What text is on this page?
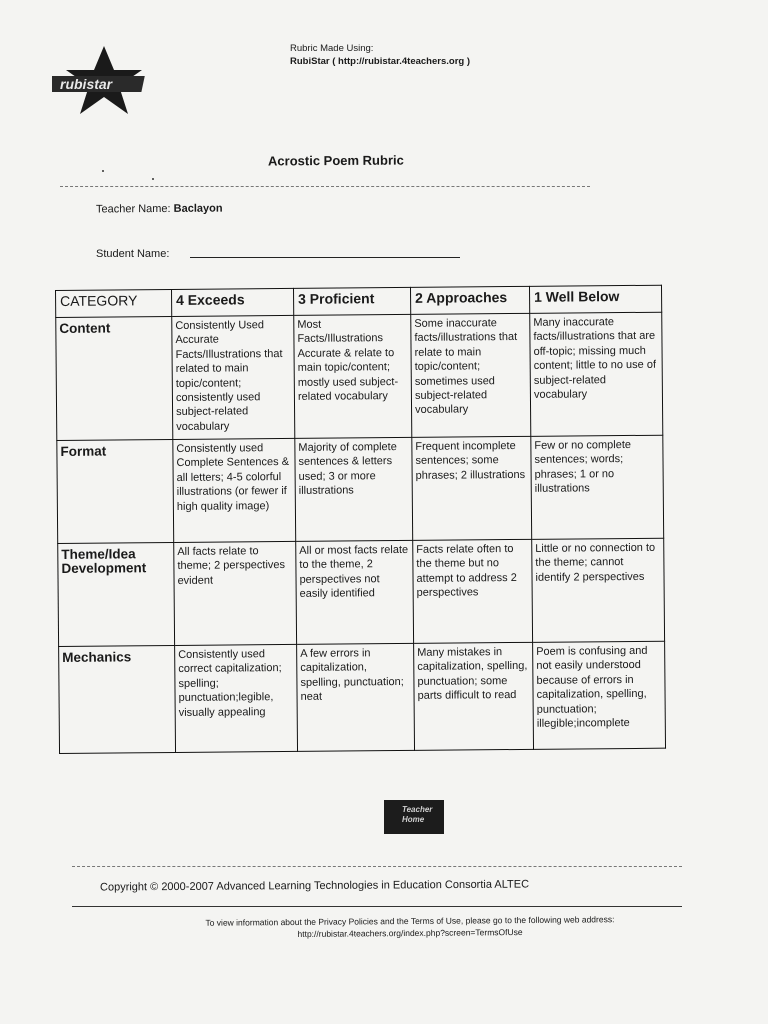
rubistar
Rubric Made Using:
RubiStar ( http://rubistar.4teachers.org )
Acrostic Poem Rubric
Teacher Name: Baclayon
Student Name:
CATEGORY	4 Exceeds	3 Proficient	2 Approaches	1 Well Below
Content	Consistently Used Accurate Facts/Illustrations that related to main topic/content; consistently used subject-related vocabulary	Most Facts/Illustrations Accurate & relate to main topic/content; mostly used subject-related vocabulary	Some inaccurate facts/illustrations that relate to main topic/content; sometimes used subject-related vocabulary	Many inaccurate facts/illustrations that are off-topic; missing much content; little to no use of subject-related vocabulary
Format	Consistently used Complete Sentences & all letters; 4-5 colorful illustrations (or fewer if high quality image)	Majority of complete sentences & letters used; 3 or more illustrations	Frequent incomplete sentences; some phrases; 2 illustrations	Few or no complete sentences; words; phrases; 1 or no illustrations
Theme/Idea Development	All facts relate to theme; 2 perspectives evident	All or most facts relate to the theme, 2 perspectives not easily identified	Facts relate often to the theme but no attempt to address 2 perspectives	Little or no connection to the theme; cannot identify 2 perspectives
Mechanics	Consistently used correct capitalization; spelling; punctuation;legible, visually appealing	A few errors in capitalization, spelling, punctuation; neat	Many mistakes in capitalization, spelling, punctuation; some parts difficult to read	Poem is confusing and not easily understood because of errors in capitalization, spelling, punctuation; illegible;incomplete
Teacher Home
Copyright © 2000-2007 Advanced Learning Technologies in Education Consortia ALTEC
To view information about the Privacy Policies and the Terms of Use, please go to the following web address:
http://rubistar.4teachers.org/index.php?screen=TermsOfUse
